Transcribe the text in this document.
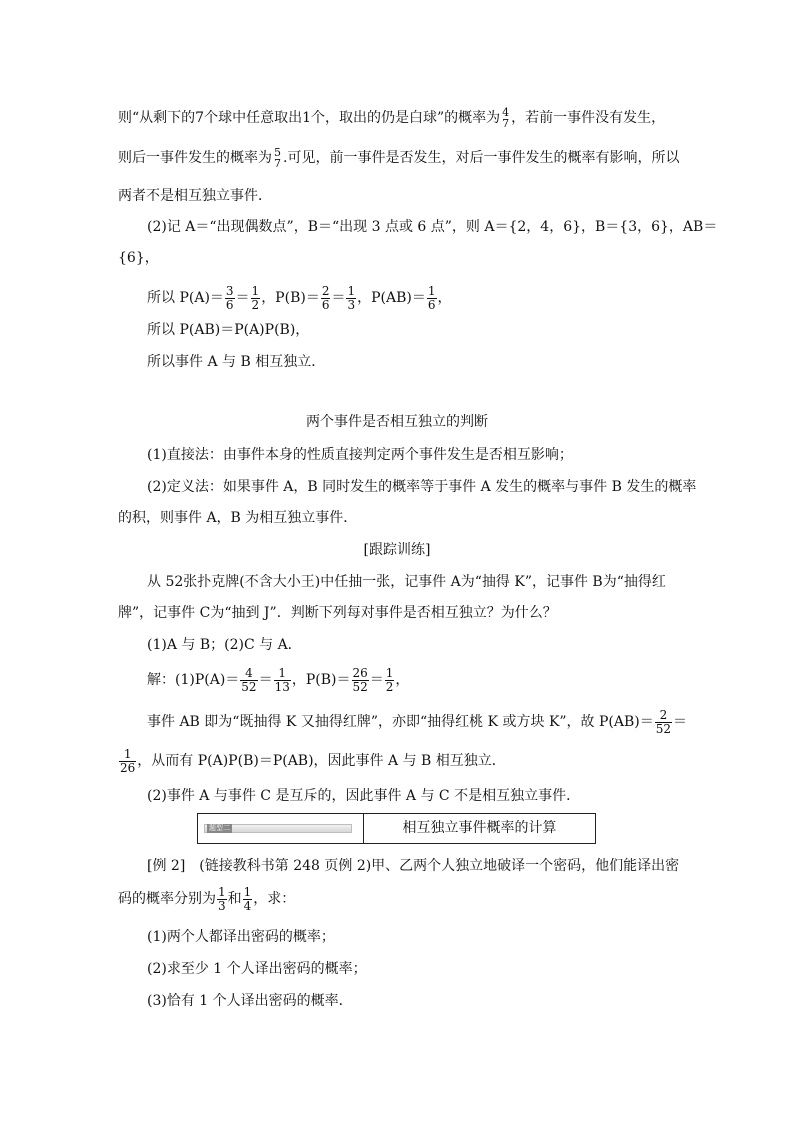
则“从剩下的7个球中任意取出1个，取出的仍是白球”的概率为 4
7 ，若前一事件没有发生，
则后一事件发生的概率为 5
7 .可见，前一事件是否发生，对后一事件发生的概率有影响，所以
两者不是相互独立事件．
(2)记 A＝“出现偶数点”，B＝“出现 3 点或 6 点”，则 A＝{2，4，6}，B＝{3，6}，AB＝
{6}，
所以 $P(A)= \frac{3}{6} = \frac{1}{2}$ ，$P(B)= \frac{2}{6} = \frac{1}{3}$ ，$P(AB)= \frac{1}{6}$ ，
所以 P(AB)＝P(A)P(B)，
所以事件 A 与 B 相互独立．
两个事件是否相互独立的判断
(1)直接法：由事件本身的性质直接判定两个事件发生是否相互影响；
(2)定义法：如果事件 A，B 同时发生的概率等于事件 A 发生的概率与事件 B 发生的概率
的积，则事件 A，B 为相互独立事件．
[跟踪训练]
从 52张扑克牌(不含大小王)中任抽一张，记事件 A为“抽得 K”，记事件 B为“抽得红
牌”，记事件 C为“抽到 J”．判断下列每对事件是否相互独立？为什么？
(1)A 与 B；(2)C 与 A．
解：$(1)P(A)= \frac{4}{52} = \frac{1}{13}$ ，$P(B)= \frac{26}{52} = \frac{1}{2}$ ，
事件 AB 即为“既抽得 K 又抽得红牌”，亦即“抽得红桃 K 或方块 K”，故 $P(AB)= \frac{2}{52}$ ＝
$\frac{1}{26}$ ，从而有 P(A)P(B)＝P(AB)，因此事件 A 与 B 相互独立．
(2)事件 A 与事件 C 是互斥的，因此事件 A 与 C 不是相互独立事件．
题型二	相互独立事件概率的计算
[例 2]　(链接教科书第 248 页例 2)甲、乙两个人独立地破译一个密码，他们能译出密
码的概率分别为 $\frac{1}{3}$ 和 $\frac{1}{4}$ ，求：
(1)两个人都译出密码的概率；
(2)求至少 1 个人译出密码的概率；
(3)恰有 1 个人译出密码的概率．
